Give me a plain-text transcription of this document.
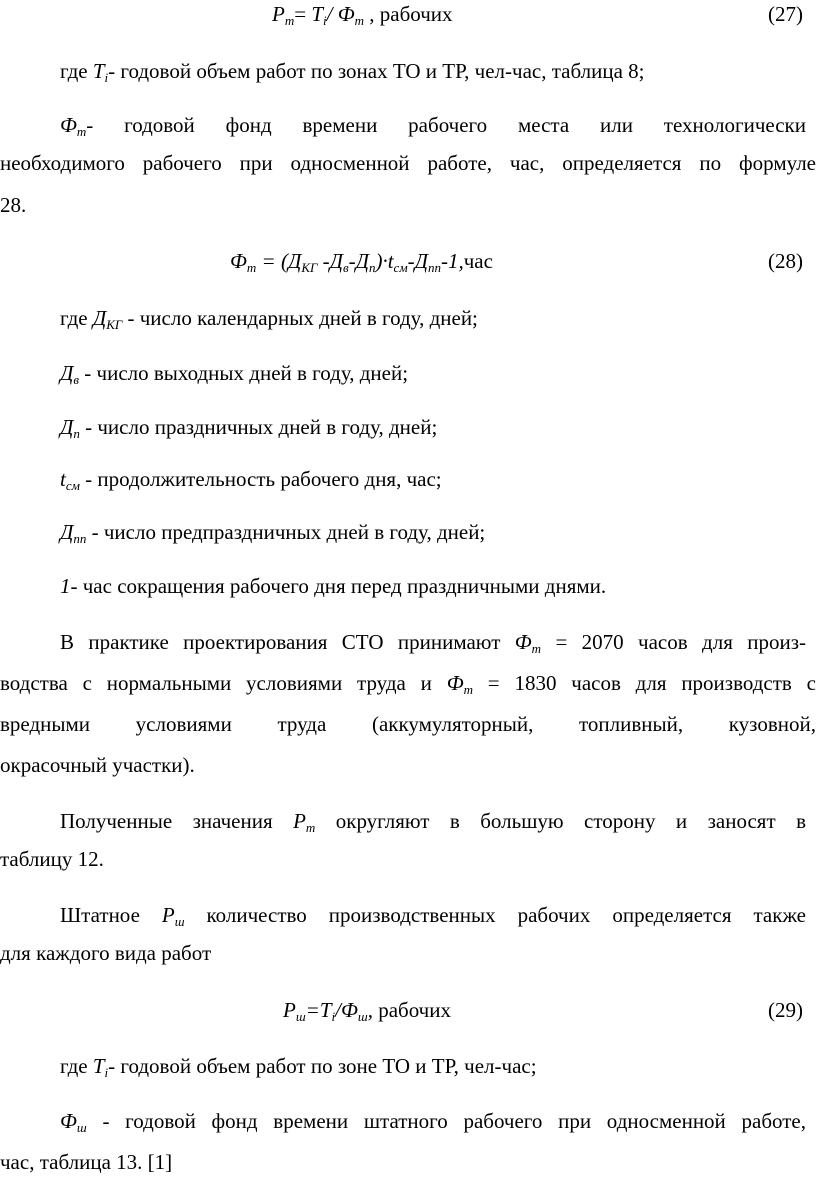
$P_т= T_i/$ $Ф_т$ , рабочих	(27)
где $T_i-$ годовой объем работ по зонах ТО и ТР, чел-час, таблица 8;
$Ф_т-$ годовой фонд времени рабочего места или технологически
необходимого рабочего при односменной работе, час, определяется по формуле
28.
$Ф_т = (Д_{КГ}$ $-Д_в-Д_п)\cdot t_{см}-Д_{пп}-1,час$	(28)
где $Д_{КГ}$ - число календарных дней в году, дней;
$Д_в$ - число выходных дней в году, дней;
$Д_п$ - число праздничных дней в году, дней;
$t_{см}$ - продолжительность рабочего дня, час;
$Д_{пп}$ - число предпраздничных дней в году, дней;
1- час сокращения рабочего дня перед праздничными днями.
В практике проектирования СТО принимают $Ф_т = 2070$ часов для произ-
водства с нормальными условиями труда и $Ф_т = 1830$ часов для производств с
вредными условиями труда (аккумуляторный, топливный, кузовной,
окрасочный участки).
Полученные значения $Р_т$ округляют в большую сторону и заносят в
таблицу 12.
Штатное $Р_ш$ количество производственных рабочих определяется также
для каждого вида работ
$Р_ш=T_i/Ф_ш$, рабочих	(29)
где $T_i-$ годовой объем работ по зоне ТО и ТР, чел-час;
$Ф_ш$ - годовой фонд времени штатного рабочего при односменной работе,
час, таблица 13. [1]
